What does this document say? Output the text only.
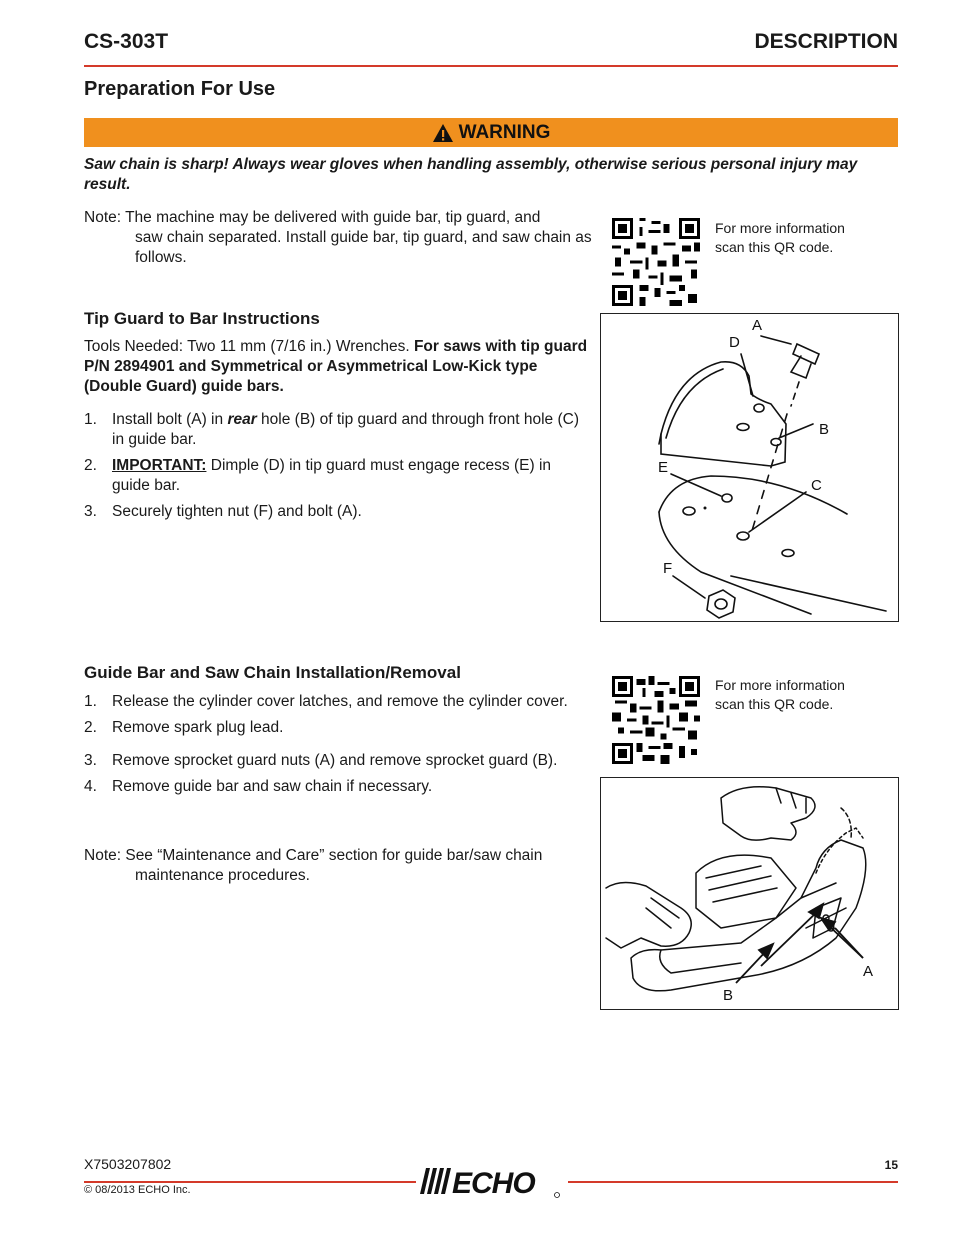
CS-303T	DESCRIPTION
Preparation For Use
WARNING
Saw chain is sharp! Always wear gloves when handling assembly, otherwise serious personal injury may result.
Note: The machine may be delivered with guide bar, tip guard, and
saw chain separated. Install guide bar, tip guard, and saw chain as follows.
For more information
scan this QR code.
Tip Guard to Bar Instructions
Tools Needed: Two 11 mm (7/16 in.) Wrenches. For saws with tip guard P/N 2894901 and Symmetrical or Asymmetrical Low-Kick type (Double Guard) guide bars.
1. Install bolt (A) in rear hole (B) of tip guard and through front hole (C) in guide bar.
2. IMPORTANT: Dimple (D) in tip guard must engage recess (E) in guide bar.
3. Securely tighten nut (F) and bolt (A).
A
D
B
E
C
F
Guide Bar and Saw Chain Installation/Removal
1. Release the cylinder cover latches, and remove the cylinder cover.
2. Remove spark plug lead.
3. Remove sprocket guard nuts (A) and remove sprocket guard (B).
4. Remove guide bar and saw chain if necessary.
Note: See “Maintenance and Care” section for guide bar/saw chain
maintenance procedures.
For more information
scan this QR code.
A
B
X7503207802
© 08/2013 ECHO Inc.
15
ECHO
